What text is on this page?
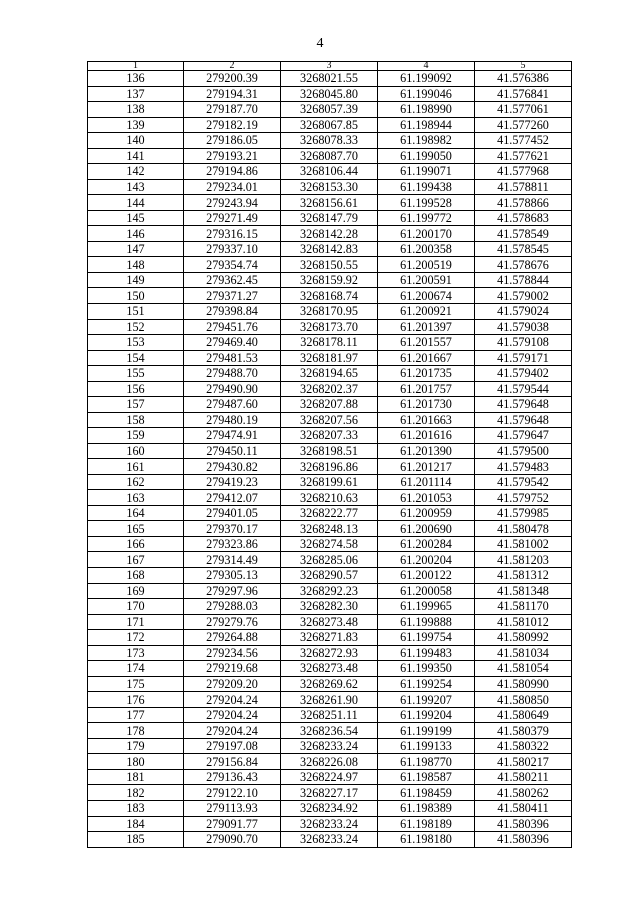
4
1	2	3	4	5
136	279200.39	3268021.55	61.199092	41.576386
137	279194.31	3268045.80	61.199046	41.576841
138	279187.70	3268057.39	61.198990	41.577061
139	279182.19	3268067.85	61.198944	41.577260
140	279186.05	3268078.33	61.198982	41.577452
141	279193.21	3268087.70	61.199050	41.577621
142	279194.86	3268106.44	61.199071	41.577968
143	279234.01	3268153.30	61.199438	41.578811
144	279243.94	3268156.61	61.199528	41.578866
145	279271.49	3268147.79	61.199772	41.578683
146	279316.15	3268142.28	61.200170	41.578549
147	279337.10	3268142.83	61.200358	41.578545
148	279354.74	3268150.55	61.200519	41.578676
149	279362.45	3268159.92	61.200591	41.578844
150	279371.27	3268168.74	61.200674	41.579002
151	279398.84	3268170.95	61.200921	41.579024
152	279451.76	3268173.70	61.201397	41.579038
153	279469.40	3268178.11	61.201557	41.579108
154	279481.53	3268181.97	61.201667	41.579171
155	279488.70	3268194.65	61.201735	41.579402
156	279490.90	3268202.37	61.201757	41.579544
157	279487.60	3268207.88	61.201730	41.579648
158	279480.19	3268207.56	61.201663	41.579648
159	279474.91	3268207.33	61.201616	41.579647
160	279450.11	3268198.51	61.201390	41.579500
161	279430.82	3268196.86	61.201217	41.579483
162	279419.23	3268199.61	61.201114	41.579542
163	279412.07	3268210.63	61.201053	41.579752
164	279401.05	3268222.77	61.200959	41.579985
165	279370.17	3268248.13	61.200690	41.580478
166	279323.86	3268274.58	61.200284	41.581002
167	279314.49	3268285.06	61.200204	41.581203
168	279305.13	3268290.57	61.200122	41.581312
169	279297.96	3268292.23	61.200058	41.581348
170	279288.03	3268282.30	61.199965	41.581170
171	279279.76	3268273.48	61.199888	41.581012
172	279264.88	3268271.83	61.199754	41.580992
173	279234.56	3268272.93	61.199483	41.581034
174	279219.68	3268273.48	61.199350	41.581054
175	279209.20	3268269.62	61.199254	41.580990
176	279204.24	3268261.90	61.199207	41.580850
177	279204.24	3268251.11	61.199204	41.580649
178	279204.24	3268236.54	61.199199	41.580379
179	279197.08	3268233.24	61.199133	41.580322
180	279156.84	3268226.08	61.198770	41.580217
181	279136.43	3268224.97	61.198587	41.580211
182	279122.10	3268227.17	61.198459	41.580262
183	279113.93	3268234.92	61.198389	41.580411
184	279091.77	3268233.24	61.198189	41.580396
185	279090.70	3268233.24	61.198180	41.580396
